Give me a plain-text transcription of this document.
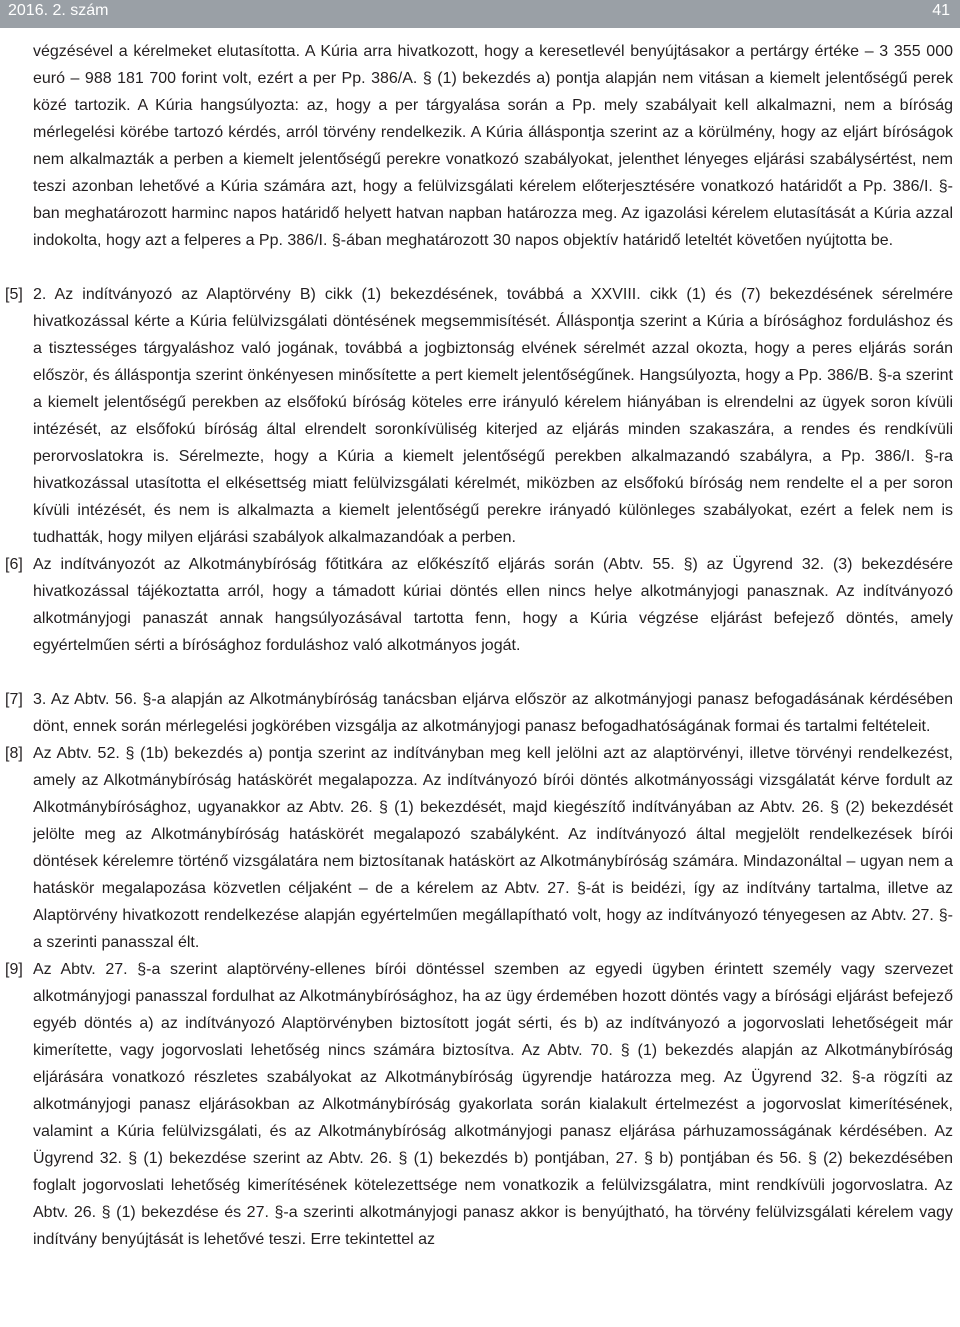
2016. 2. szám	41

végzésével a kérelmeket elutasította. A Kúria arra hivatkozott, hogy a keresetlevél benyújtásakor a pertárgy értéke – 3 355 000 euró – 988 181 700 forint volt, ezért a per Pp. 386/A. § (1) bekezdés a) pontja alapján nem vitásan a kiemelt jelentőségű perek közé tartozik. A Kúria hangsúlyozta: az, hogy a per tárgyalása során a Pp. mely szabályait kell alkalmazni, nem a bíróság mérlegelési körébe tartozó kérdés, arról törvény rendelkezik. A Kúria álláspontja szerint az a körülmény, hogy az eljárt bíróságok nem alkalmazták a perben a kiemelt jelentőségű perekre vonatkozó szabályokat, jelenthet lényeges eljárási szabálysértést, nem teszi azonban lehetővé a Kúria számára azt, hogy a felülvizsgálati kérelem előterjesztésére vonatkozó határidőt a Pp. 386/I. §-ban meghatározott harminc napos határidő helyett hatvan napban határozza meg. Az igazolási kérelem elutasítását a Kúria azzal indokolta, hogy azt a felperes a Pp. 386/I. §-ában meghatározott 30 napos objektív határidő leteltét követően nyújtotta be.

[5] 2. Az indítványozó az Alaptörvény B) cikk (1) bekezdésének, továbbá a XXVIII. cikk (1) és (7) bekezdésének sérelmére hivatkozással kérte a Kúria felülvizsgálati döntésének megsemmisítését. Álláspontja szerint a Kúria a bírósághoz forduláshoz és a tisztességes tárgyaláshoz való jogának, továbbá a jogbiztonság elvének sérelmét azzal okozta, hogy a peres eljárás során először, és álláspontja szerint önkényesen minősítette a pert kiemelt jelentőségűnek. Hangsúlyozta, hogy a Pp. 386/B. §-a szerint a kiemelt jelentőségű perekben az elsőfokú bíróság köteles erre irányuló kérelem hiányában is elrendelni az ügyek soron kívüli intézését, az elsőfokú bíróság által elrendelt soronkívüliség kiterjed az eljárás minden szakaszára, a rendes és rendkívüli perorvoslatokra is. Sérelmezte, hogy a Kúria a kiemelt jelentőségű perekben alkalmazandó szabályra, a Pp. 386/I. §-ra hivatkozással utasította el elkésettség miatt felülvizsgálati kérelmét, miközben az elsőfokú bíróság nem rendelte el a per soron kívüli intézését, és nem is alkalmazta a kiemelt jelentőségű perekre irányadó különleges szabályokat, ezért a felek nem is tudhatták, hogy milyen eljárási szabályok alkalmazandóak a perben.

[6] Az indítványozót az Alkotmánybíróság főtitkára az előkészítő eljárás során (Abtv. 55. §) az Ügyrend 32. (3) bekezdésére hivatkozással tájékoztatta arról, hogy a támadott kúriai döntés ellen nincs helye alkotmányjogi panasznak. Az indítványozó alkotmányjogi panaszát annak hangsúlyozásával tartotta fenn, hogy a Kúria végzése eljárást befejező döntés, amely egyértelműen sérti a bírósághoz forduláshoz való alkotmányos jogát.

[7] 3. Az Abtv. 56. §-a alapján az Alkotmánybíróság tanácsban eljárva először az alkotmányjogi panasz befogadásának kérdésében dönt, ennek során mérlegelési jogkörében vizsgálja az alkotmányjogi panasz befogadhatóságának formai és tartalmi feltételeit.

[8] Az Abtv. 52. § (1b) bekezdés a) pontja szerint az indítványban meg kell jelölni azt az alaptörvényi, illetve törvényi rendelkezést, amely az Alkotmánybíróság hatáskörét megalapozza. Az indítványozó bírói döntés alkotmányossági vizsgálatát kérve fordult az Alkotmánybírósághoz, ugyanakkor az Abtv. 26. § (1) bekezdését, majd kiegészítő indítványában az Abtv. 26. § (2) bekezdését jelölte meg az Alkotmánybíróság hatáskörét megalapozó szabályként. Az indítványozó által megjelölt rendelkezések bírói döntések kérelemre történő vizsgálatára nem biztosítanak hatáskört az Alkotmánybíróság számára. Mindazonáltal – ugyan nem a hatáskör megalapozása közvetlen céljaként – de a kérelem az Abtv. 27. §-át is beidézi, így az indítvány tartalma, illetve az Alaptörvény hivatkozott rendelkezése alapján egyértelműen megállapítható volt, hogy az indítványozó tényegesen az Abtv. 27. §-a szerinti panasszal élt.

[9] Az Abtv. 27. §-a szerint alaptörvény-ellenes bírói döntéssel szemben az egyedi ügyben érintett személy vagy szervezet alkotmányjogi panasszal fordulhat az Alkotmánybírósághoz, ha az ügy érdemében hozott döntés vagy a bírósági eljárást befejező egyéb döntés a) az indítványozó Alaptörvényben biztosított jogát sérti, és b) az indítványozó a jogorvoslati lehetőségeit már kimerítette, vagy jogorvoslati lehetőség nincs számára biztosítva. Az Abtv. 70. § (1) bekezdés alapján az Alkotmánybíróság eljárására vonatkozó részletes szabályokat az Alkotmánybíróság ügyrendje határozza meg. Az Ügyrend 32. §-a rögzíti az alkotmányjogi panasz eljárásokban az Alkotmánybíróság gyakorlata során kialakult értelmezést a jogorvoslat kimerítésének, valamint a Kúria felülvizsgálati, és az Alkotmánybíróság alkotmányjogi panasz eljárása párhuzamosságának kérdésében. Az Ügyrend 32. § (1) bekezdése szerint az Abtv. 26. § (1) bekezdés b) pontjában, 27. § b) pontjában és 56. § (2) bekezdésében foglalt jogorvoslati lehetőség kimerítésének kötelezettsége nem vonatkozik a felülvizsgálatra, mint rendkívüli jogorvoslatra. Az Abtv. 26. § (1) bekezdése és 27. §-a szerinti alkotmányjogi panasz akkor is benyújtható, ha törvény felülvizsgálati kérelem vagy indítvány benyújtását is lehetővé teszi. Erre tekintettel az
